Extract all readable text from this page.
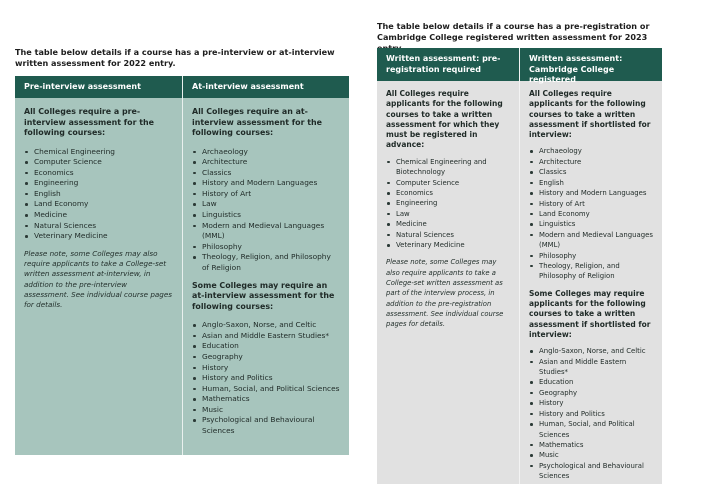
The table below details if a course has a pre-interview or at-interview written assessment for 2022 entry.
Pre-interview assessment

All Colleges require a pre-interview assessment for the following courses:

Chemical Engineering
Computer Science
Economics
Engineering
English
Land Economy
Medicine
Natural Sciences
Veterinary Medicine

Please note, some Colleges may also require applicants to take a College-set written assessment at-interview, in addition to the pre-interview assessment. See individual course pages for details.

At-interview assessment

All Colleges require an at-interview assessment for the following courses:

Archaeology
Architecture
Classics
History and Modern Languages
History of Art
Law
Linguistics
Modern and Medieval Languages (MML)
Philosophy
Theology, Religion, and Philosophy of Religion

Some Colleges may require an at-interview assessment for the following courses:

Anglo-Saxon, Norse, and Celtic
Asian and Middle Eastern Studies*
Education
Geography
History
History and Politics
Human, Social, and Political Sciences
Mathematics
Music
Psychological and Behavioural Sciences
The table below details if a course has a pre-registration or Cambridge College registered written assessment for 2023
Written assessment: pre-registration required

All Colleges require applicants for the following courses to take a written assessment for which they must be registered in advance:

Chemical Engineering and Biotechnology
Computer Science
Economics
Engineering
Law
Medicine
Natural Sciences
Veterinary Medicine

Please note, some Colleges may also require applicants to take a College-set written assessment as part of the interview process, in addition to the pre-registration assessment. See individual course pages for details.

Written assessment: Cambridge College registered

All Colleges require applicants for the following courses to take a written assessment if shortlisted for interview:

Archaeology
Architecture
Classics
English
History and Modern Languages
History of Art
Land Economy
Linguistics
Modern and Medieval Languages (MML)
Philosophy
Theology, Religion, and Philosophy of Religion

Some Colleges may require applicants for the following courses to take a written assessment if shortlisted for interview:

Anglo-Saxon, Norse, and Celtic
Asian and Middle Eastern Studies*
Education
Geography
History
History and Politics
Human, Social, and Political Sciences
Mathematics
Music
Psychological and Behavioural Sciences
